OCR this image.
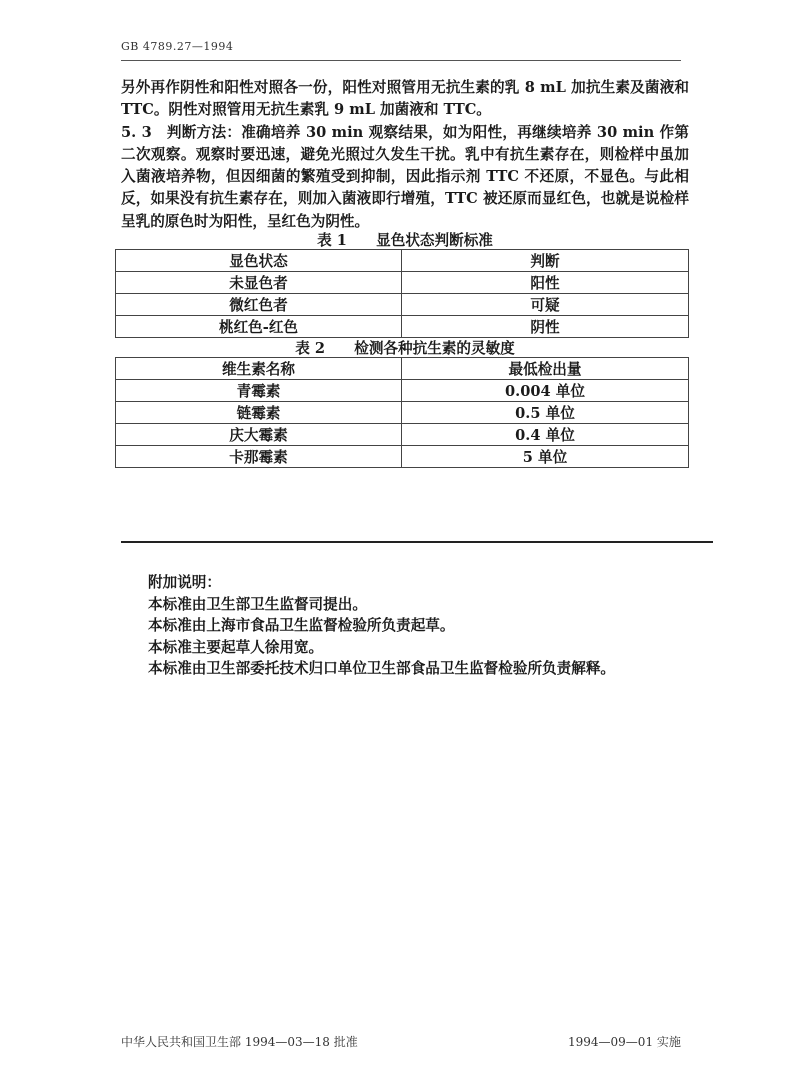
GB 4789.27—1994

另外再作阴性和阳性对照各一份，阳性对照管用无抗生素的乳 8 mL 加抗生素及菌液和 TTC。阴性对照管用无抗生素乳 9 mL 加菌液和 TTC。

5. 3　判断方法：准确培养 30 min 观察结果，如为阳性，再继续培养 30 min 作第二次观察。观察时要迅速，避免光照过久发生干扰。乳中有抗生素存在，则检样中虽加入菌液培养物，但因细菌的繁殖受到抑制，因此指示剂 TTC 不还原，不显色。与此相反，如果没有抗生素存在，则加入菌液即行增殖，TTC 被还原而显红色，也就是说检样呈乳的原色时为阳性，呈红色为阴性。

表 1　　显色状态判断标准
显色状态	判断
未显色者	阳性
微红色者	可疑
桃红色-红色	阴性
表 2　　检测各种抗生素的灵敏度
维生素名称	最低检出量
青霉素	0.004 单位
链霉素	0.5 单位
庆大霉素	0.4 单位
卡那霉素	5 单位
附加说明：
本标准由卫生部卫生监督司提出。
本标准由上海市食品卫生监督检验所负责起草。
本标准主要起草人徐用宽。
本标准由卫生部委托技术归口单位卫生部食品卫生监督检验所负责解释。
中华人民共和国卫生部 1994—03—18 批准	1994—09—01 实施
